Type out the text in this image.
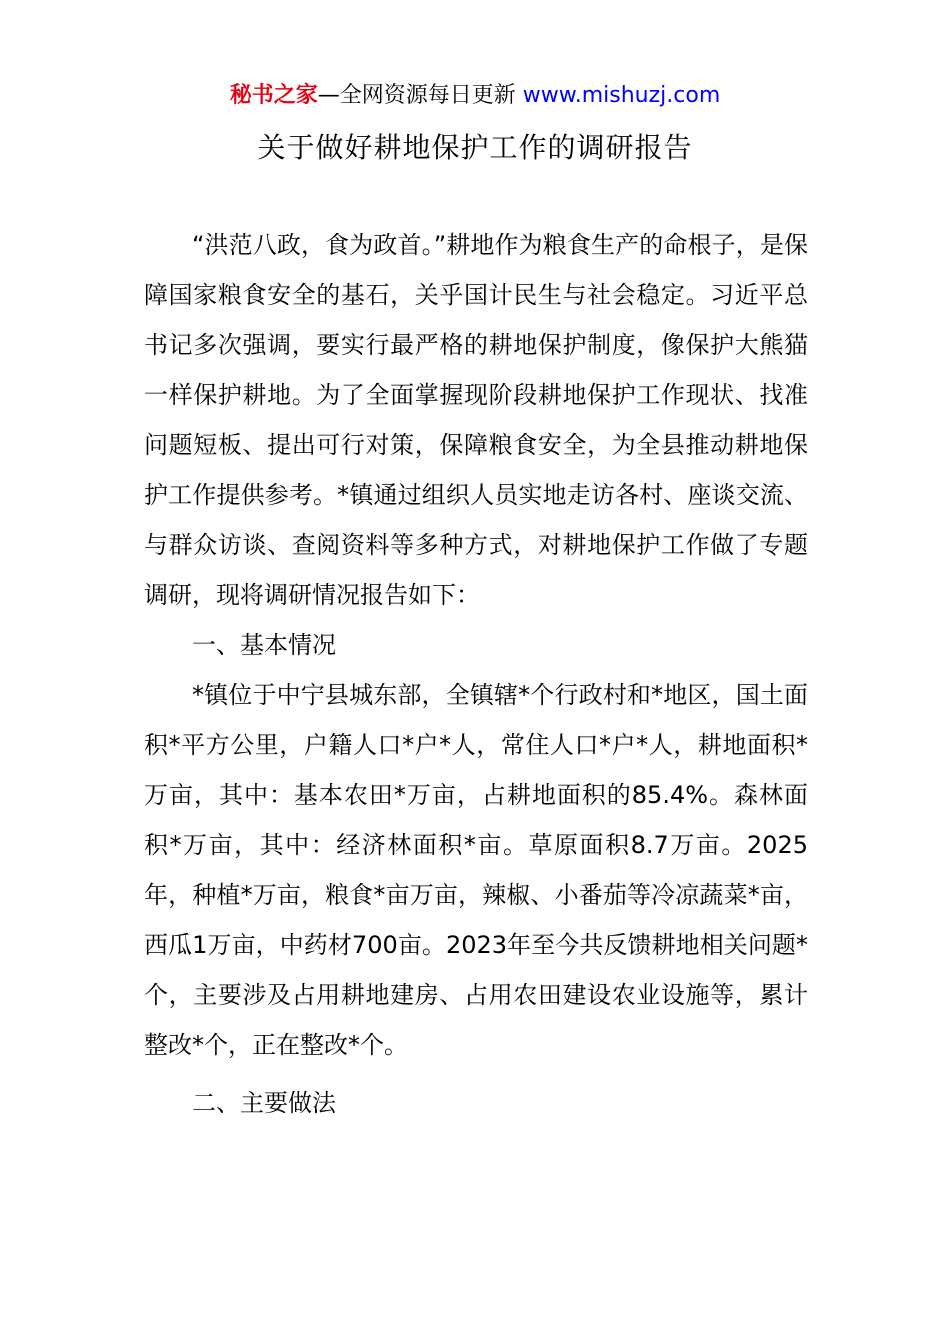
秘书之家—全网资源每日更新 www.mishuzj.com
关于做好耕地保护工作的调研报告

“洪范八政，食为政首。”耕地作为粮食生产的命根子，是保障国家粮食安全的基石，关乎国计民生与社会稳定。习近平总书记多次强调，要实行最严格的耕地保护制度，像保护大熊猫一样保护耕地。为了全面掌握现阶段耕地保护工作现状、找准问题短板、提出可行对策，保障粮食安全，为全县推动耕地保护工作提供参考。*镇通过组织人员实地走访各村、座谈交流、与群众访谈、查阅资料等多种方式，对耕地保护工作做了专题调研，现将调研情况报告如下：

一、基本情况

*镇位于中宁县城东部，全镇辖*个行政村和*地区，国土面积*平方公里，户籍人口*户*人，常住人口*户*人，耕地面积*万亩，其中：基本农田*万亩，占耕地面积的85.4%。森林面积*万亩，其中：经济林面积*亩。草原面积8.7万亩。2025年，种植*万亩，粮食*亩万亩，辣椒、小番茄等冷凉蔬菜*亩，西瓜1万亩，中药材700亩。2023年至今共反馈耕地相关问题*个，主要涉及占用耕地建房、占用农田建设农业设施等，累计整改*个，正在整改*个。

二、主要做法
